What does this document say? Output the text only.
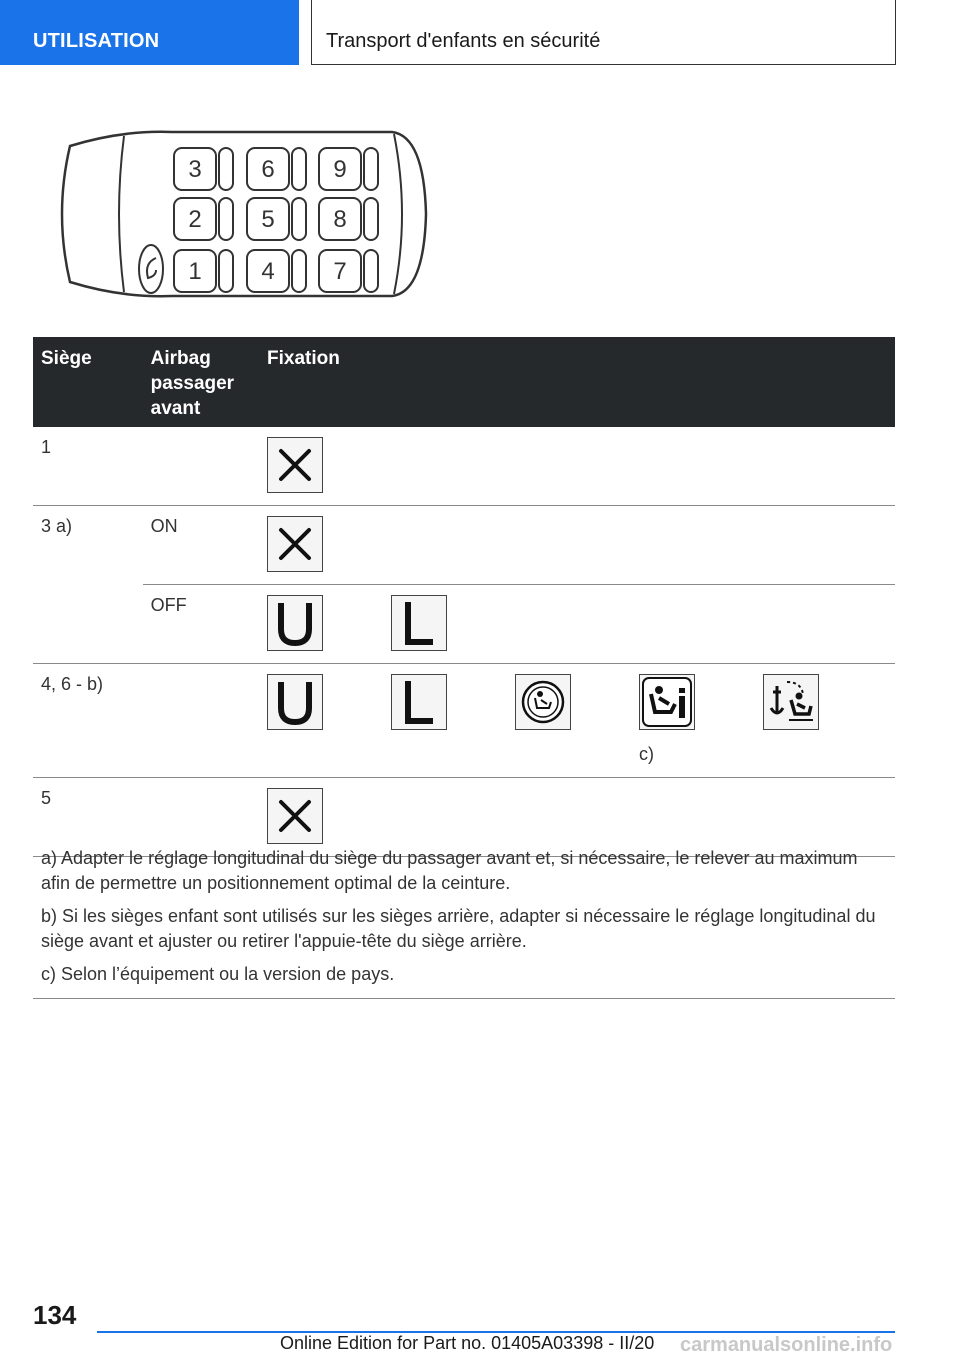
UTILISATION	Transport d'enfants en sécurité
3 6 9
2 5 8
1 4 7
Siège	Airbag passager avant	Fixation
1		

3 a)	ON	

	OFF	

4, 6 - b)		c)

5		

a) Adapter le réglage longitudinal du siège du passager avant et, si nécessaire, le relever au maximum afin de permettre un positionnement optimal de la ceinture.

b) Si les sièges enfant sont utilisés sur les sièges arrière, adapter si nécessaire le réglage longitudinal du siège avant et ajuster ou retirer l'appuie-tête du siège arrière.

c) Selon l’équipement ou la version de pays.

134
Online Edition for Part no. 01405A03398 - II/20 carmanualsonline.info
